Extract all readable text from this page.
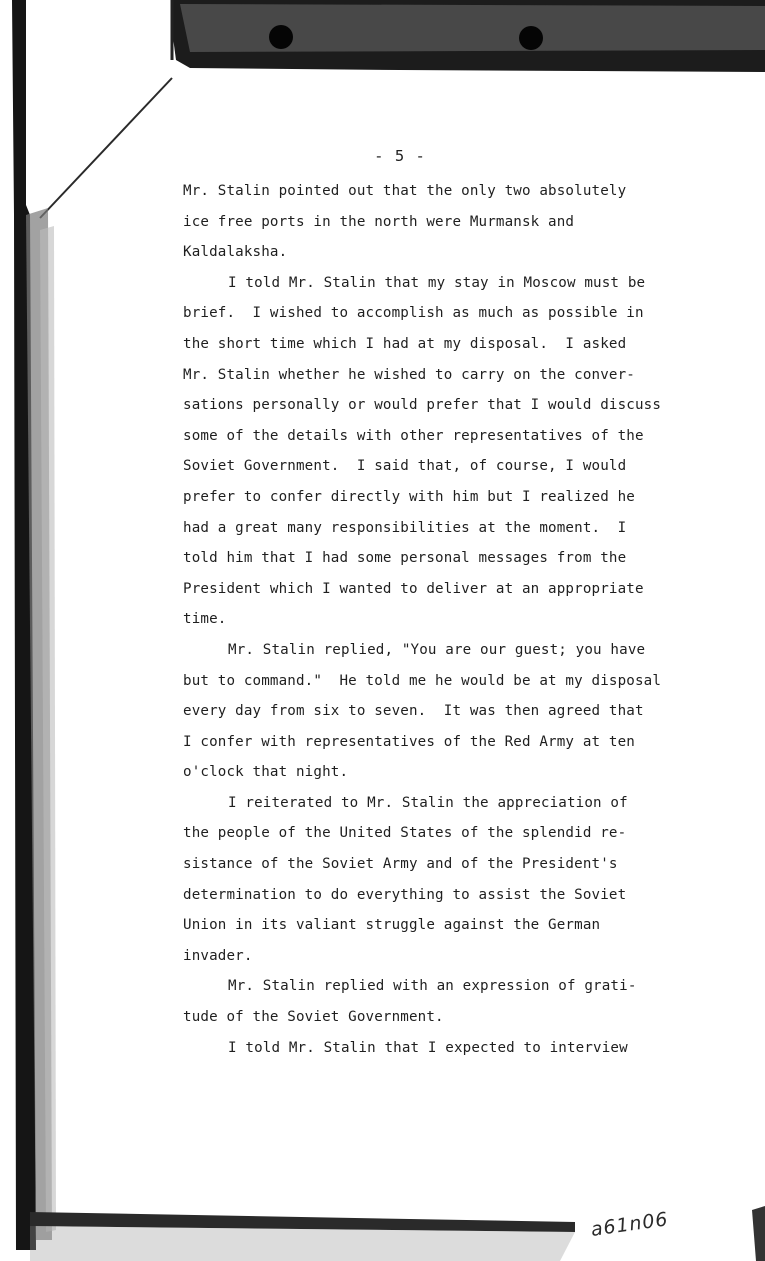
- 5 -

Mr. Stalin pointed out that the only two absolutely

ice free ports in the north were Murmansk and

Kaldalaksha.

I told Mr. Stalin that my stay in Moscow must be

brief.  I wished to accomplish as much as possible in

the short time which I had at my disposal.  I asked

Mr. Stalin whether he wished to carry on the conver-

sations personally or would prefer that I would discuss

some of the details with other representatives of the

Soviet Government.  I said that, of course, I would

prefer to confer directly with him but I realized he

had a great many responsibilities at the moment.  I

told him that I had some personal messages from the

President which I wanted to deliver at an appropriate

time.

Mr. Stalin replied, "You are our guest; you have

but to command."  He told me he would be at my disposal

every day from six to seven.  It was then agreed that

I confer with representatives of the Red Army at ten

o'clock that night.

I reiterated to Mr. Stalin the appreciation of

the people of the United States of the splendid re-

sistance of the Soviet Army and of the President's

determination to do everything to assist the Soviet

Union in its valiant struggle against the German

invader.

Mr. Stalin replied with an expression of grati-

tude of the Soviet Government.

I told Mr. Stalin that I expected to interview

a61n06
